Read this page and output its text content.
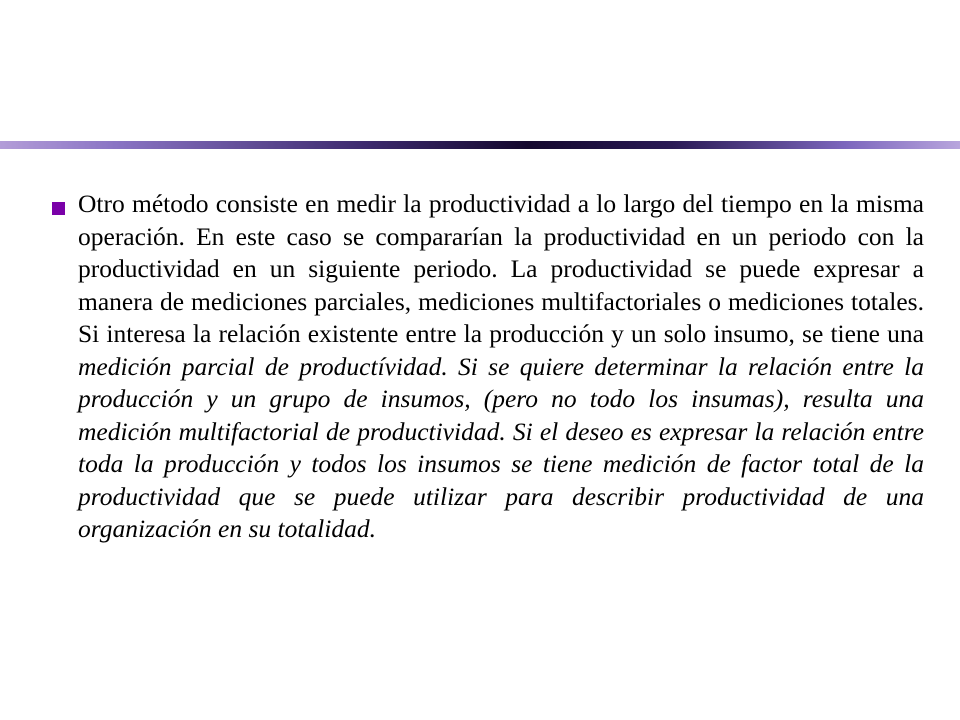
Otro método consiste en medir la productividad a lo largo del tiempo en la misma operación. En este caso se compararían la productividad en un periodo con la productividad en un siguiente periodo. La productividad se puede expresar a manera de mediciones parciales, mediciones multifactoriales o mediciones totales. Si interesa la relación existente entre la producción y un solo insumo, se tiene una medición parcial de productívidad. Si se quiere determinar la relación entre la producción y un grupo de insumos, (pero no todo los insumas), resulta una medición multifactorial de productividad. Si el deseo es expresar la relación entre toda la producción y todos los insumos se tiene medición de factor total de la productividad que se puede utilizar para describir productividad de una organización en su totalidad.
